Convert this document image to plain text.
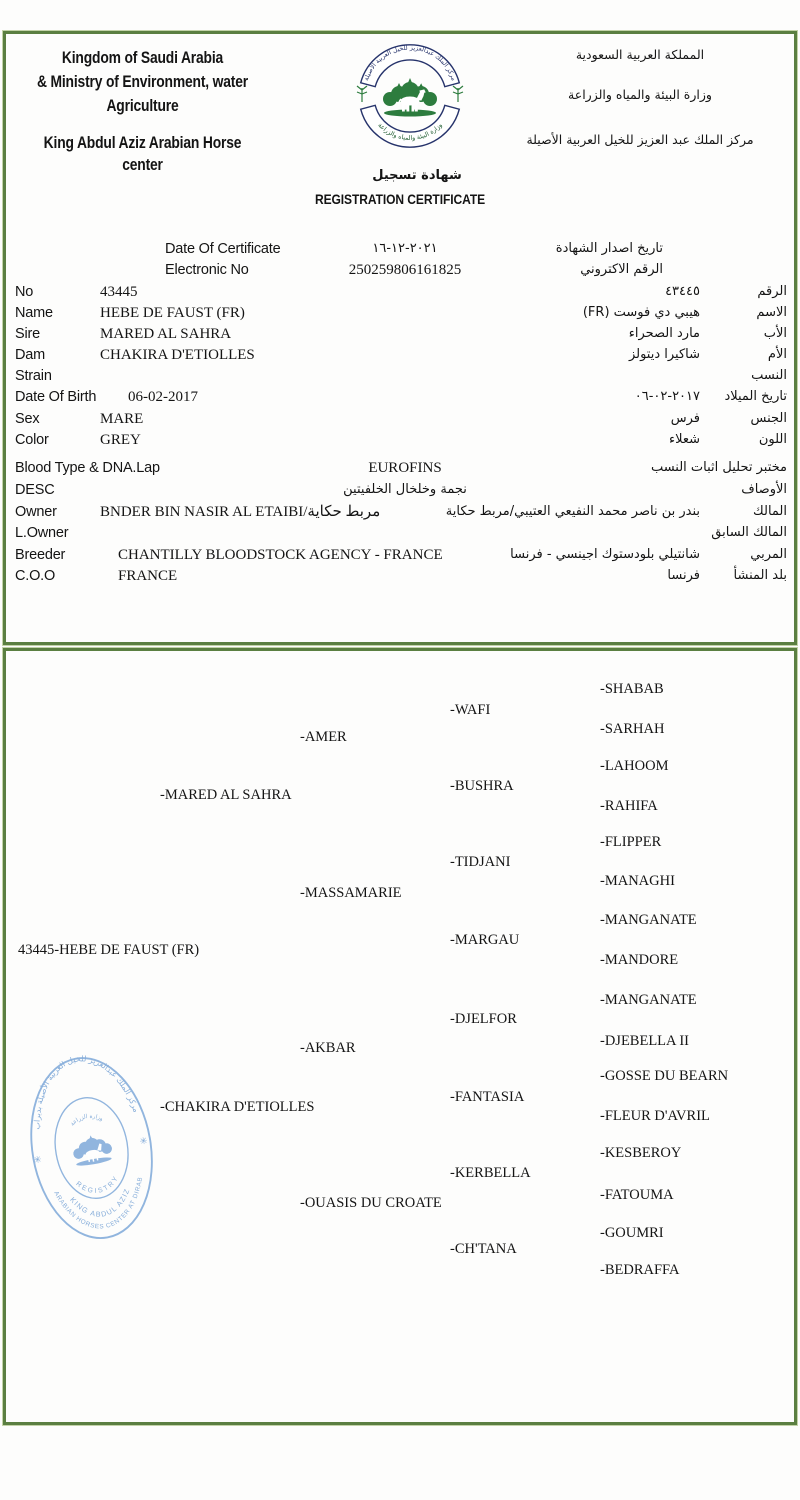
Kingdom of Saudi Arabia
& Ministry of Environment, water
Agriculture
King Abdul Aziz Arabian Horse center
المملكة العربية السعودية
وزارة البيئة والمياه والزراعة
مركز الملك عبد العزيز للخيل العربية الأصيلة
مركز الملك عبدالعزيز للخيل العربية الأصيلة
وزارة البيئة والمياه والزراعة
شهادة تسجيل
REGISTRATION CERTIFICATE
Date Of Certificate	٢٠٢١-١٢-١٦	تاريخ اصدار الشهادة
Electronic No	250259806161825	الرقم الاكتروني
No	43445	٤٣٤٤٥	الرقم
Name	HEBE DE FAUST (FR)	هيبي دي فوست (FR)	الاسم
Sire	MARED AL SAHRA	مارد الصحراء	الأب
Dam	CHAKIRA D'ETIOLLES	شاكيرا ديتولز	الأم
Strain	النسب
Date Of Birth 06-02-2017	٢٠١٧-٠٢-٠٦ تاريخ الميلاد
Sex	MARE	فرس	الجنس
Color	GREY	شعلاء	اللون
Blood Type & DNA.Lap	EUROFINS	مختبر تحليل اثبات النسب
DESC	نجمة وخلخال الخلفيتين	الأوصاف
Owner	BNDER BIN NASIR AL ETAIBI/مربط حكاية	بندر بن ناصر محمد النفيعي العتيبي/مربط حكاية	المالك
L.Owner	المالك السابق
Breeder	CHANTILLY BLOODSTOCK AGENCY - FRANCE	شانتيلي بلودستوك اجينسي - فرنسا	المربي
C.O.O	FRANCE	فرنسا	بلد المنشأ
43445-HEBE DE FAUST (FR)
-MARED AL SAHRA
-CHAKIRA D'ETIOLLES
-AMER
-MASSAMARIE
-AKBAR
-OUASIS DU CROATE
-WAFI
-BUSHRA
-TIDJANI
-MARGAU
-DJELFOR
-FANTASIA
-KERBELLA
-CH'TANA
-SHABAB
-SARHAH
-LAHOOM
-RAHIFA
-FLIPPER
-MANAGHI
-MANGANATE
-MANDORE
-MANGANATE
-DJEBELLA II
-GOSSE DU BEARN
-FLEUR D'AVRIL
-KESBEROY
-FATOUMA
-GOUMRI
-BEDRAFFA
مركز الملك عبدالعزيز للخيل العربية الأصيلة بديراب
REGISTRY
KING ABDUL AZIZ
ARABIAN HORSES CENTER AT DIRAB
وزارة الزراعة
✳
✳
